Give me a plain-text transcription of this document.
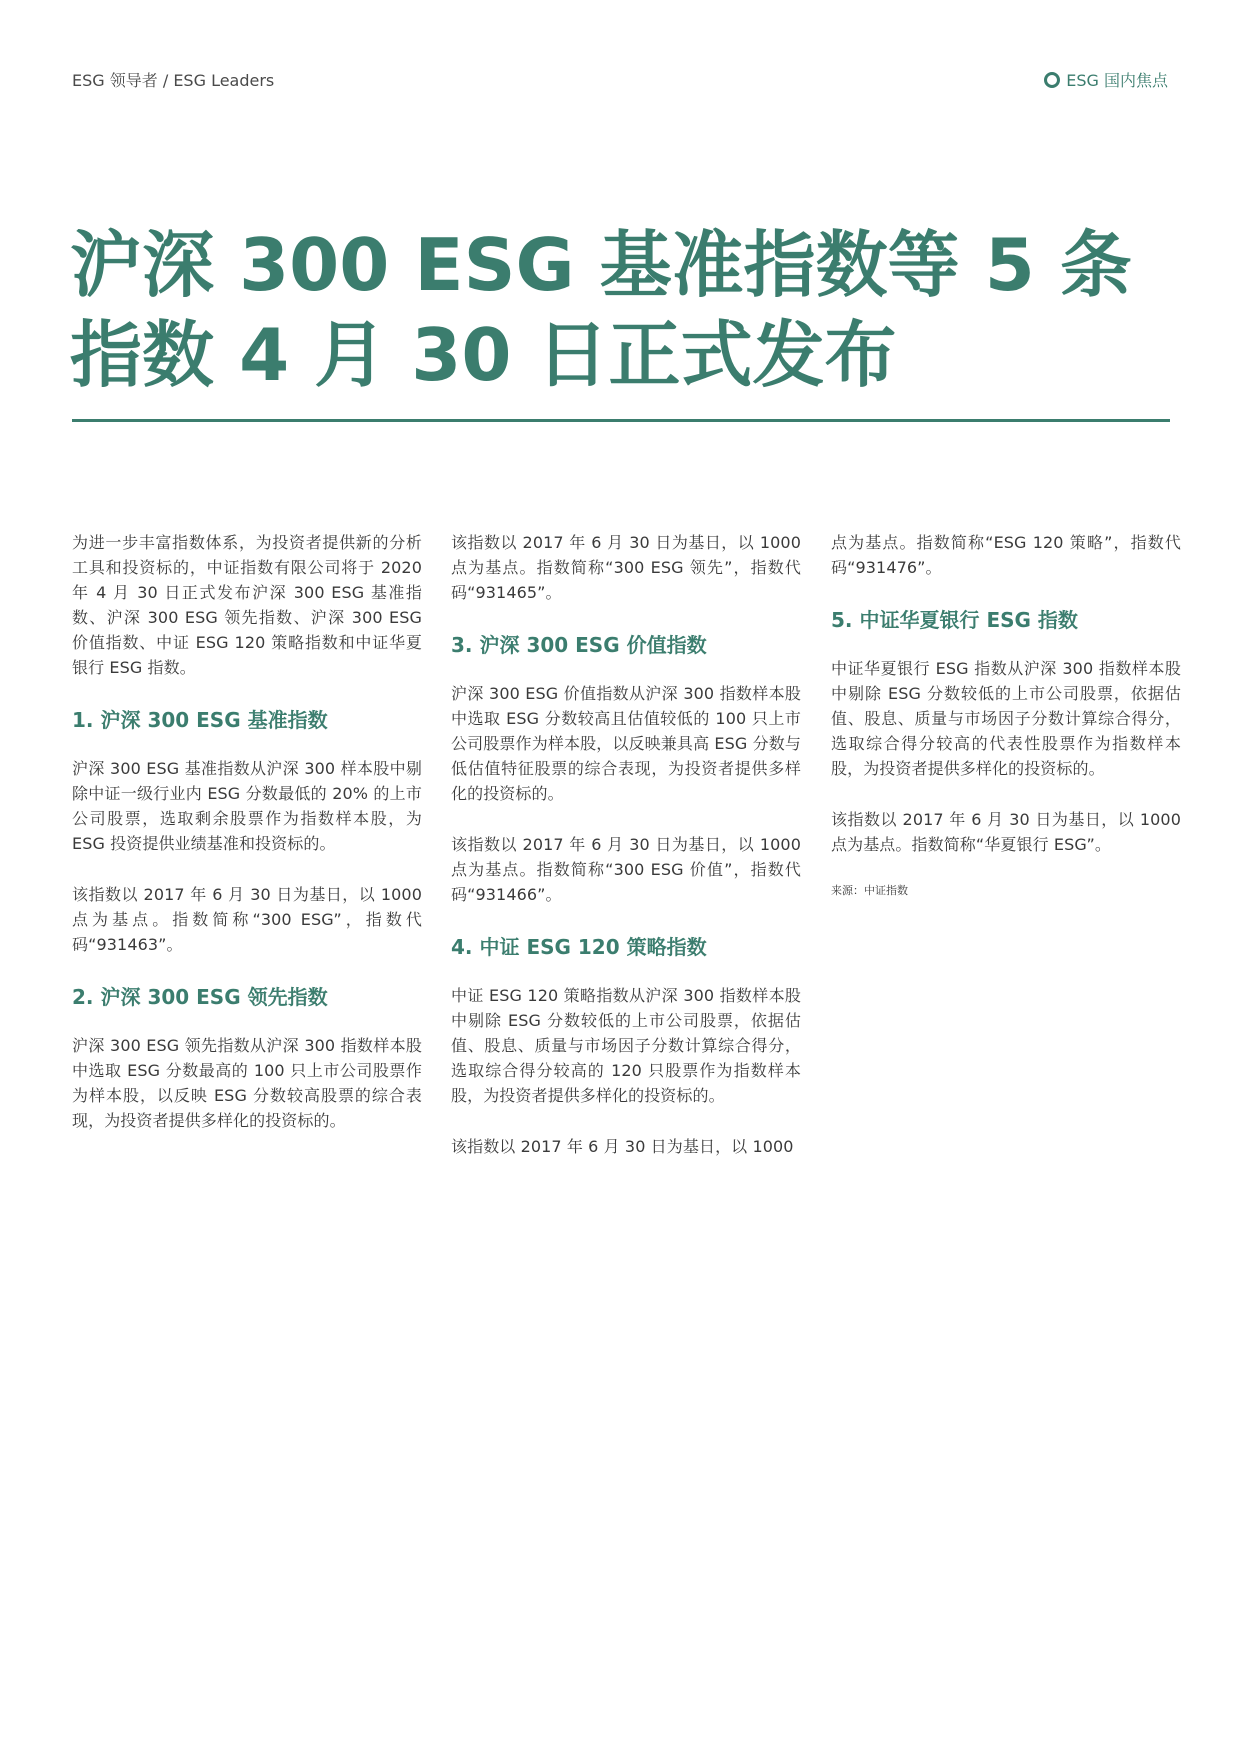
ESG 领导者 / ESG Leaders	ESG 国内焦点
沪深 300 ESG 基准指数等 5 条
指数 4 月 30 日正式发布

为进一步丰富指数体系，为投资者提供新的分析工具和投资标的，中证指数有限公司将于 2020 年 4 月 30 日正式发布沪深 300 ESG 基准指数、沪深 300 ESG 领先指数、沪深 300 ESG 价值指数、中证 ESG 120 策略指数和中证华夏银行 ESG 指数。

1. 沪深 300 ESG 基准指数

沪深 300 ESG 基准指数从沪深 300 样本股中剔除中证一级行业内 ESG 分数最低的 20% 的上市公司股票，选取剩余股票作为指数样本股，为 ESG 投资提供业绩基准和投资标的。

该指数以 2017 年 6 月 30 日为基日，以 1000 点为基点。指数简称“300 ESG”，指数代码“931463”。

2. 沪深 300 ESG 领先指数

沪深 300 ESG 领先指数从沪深 300 指数样本股中选取 ESG 分数最高的 100 只上市公司股票作为样本股，以反映 ESG 分数较高股票的综合表现，为投资者提供多样化的投资标的。

该指数以 2017 年 6 月 30 日为基日，以 1000 点为基点。指数简称“300 ESG 领先”，指数代码“931465”。

3. 沪深 300 ESG 价值指数

沪深 300 ESG 价值指数从沪深 300 指数样本股中选取 ESG 分数较高且估值较低的 100 只上市公司股票作为样本股，以反映兼具高 ESG 分数与低估值特征股票的综合表现，为投资者提供多样化的投资标的。

该指数以 2017 年 6 月 30 日为基日，以 1000 点为基点。指数简称“300 ESG 价值”，指数代码“931466”。

4. 中证 ESG 120 策略指数

中证 ESG 120 策略指数从沪深 300 指数样本股中剔除 ESG 分数较低的上市公司股票，依据估值、股息、质量与市场因子分数计算综合得分，选取综合得分较高的 120 只股票作为指数样本股，为投资者提供多样化的投资标的。

该指数以 2017 年 6 月 30 日为基日，以 1000

点为基点。指数简称“ESG 120 策略”，指数代码“931476”。

5. 中证华夏银行 ESG 指数

中证华夏银行 ESG 指数从沪深 300 指数样本股中剔除 ESG 分数较低的上市公司股票，依据估值、股息、质量与市场因子分数计算综合得分，选取综合得分较高的代表性股票作为指数样本股，为投资者提供多样化的投资标的。

该指数以 2017 年 6 月 30 日为基日，以 1000 点为基点。指数简称“华夏银行 ESG”。

来源：中证指数
